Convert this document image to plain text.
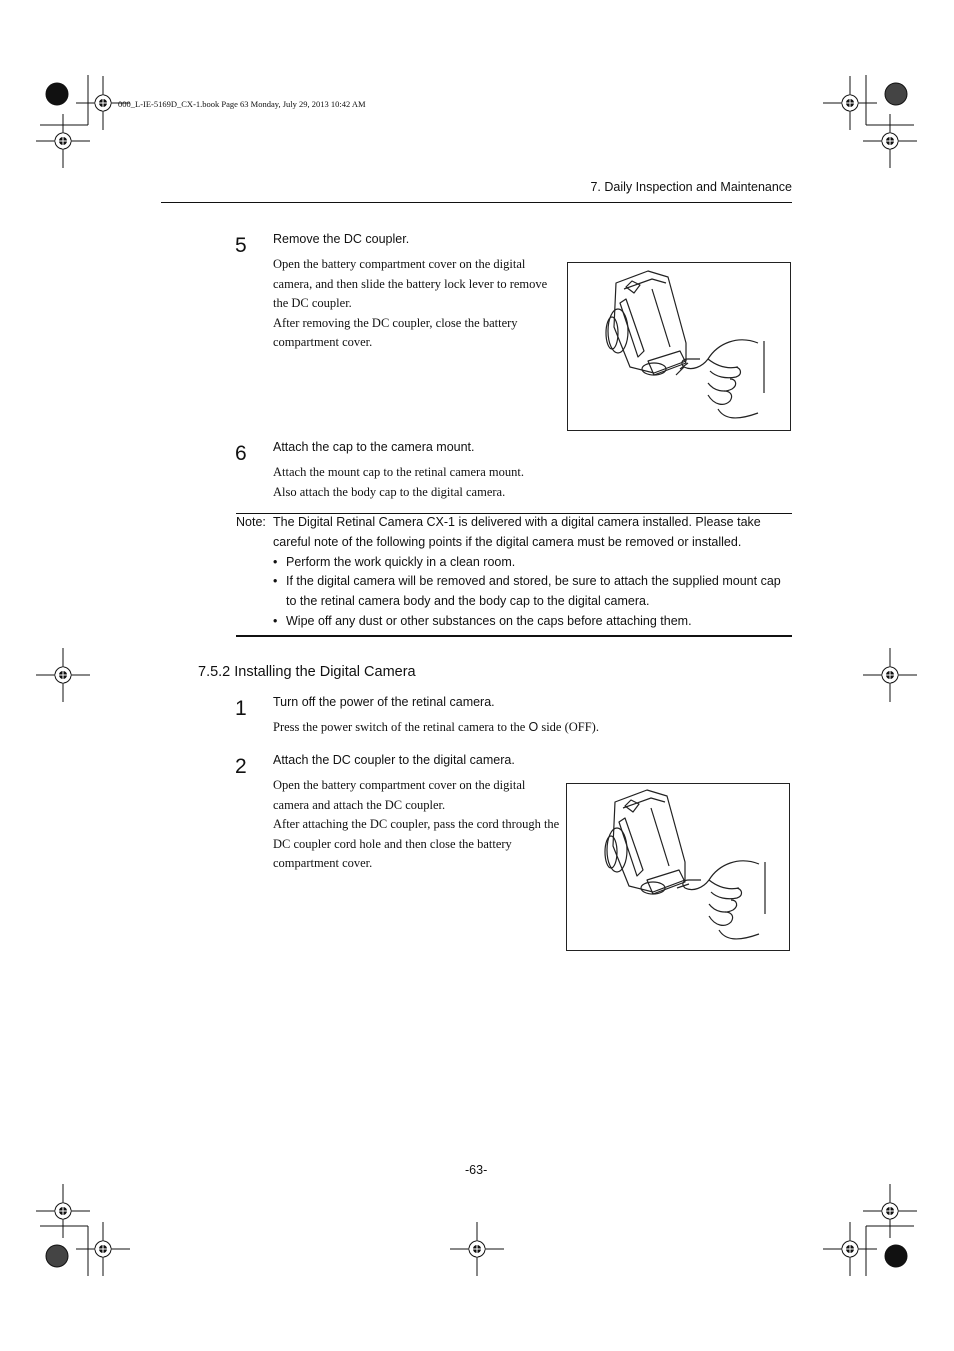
000_L-IE-5169D_CX-1.book Page 63 Monday, July 29, 2013 10:42 AM
7. Daily Inspection and Maintenance
5 Remove the DC coupler.

Open the battery compartment cover on the digital camera, and then slide the battery lock lever to remove the DC coupler.

After removing the DC coupler, close the battery compartment cover.

6 Attach the cap to the camera mount.

Attach the mount cap to the retinal camera mount.

Also attach the body cap to the digital camera.

Note: The Digital Retinal Camera CX-1 is delivered with a digital camera installed. Please take careful note of the following points if the digital camera must be removed or installed.

• Perform the work quickly in a clean room.

• If the digital camera will be removed and stored, be sure to attach the supplied mount cap to the retinal camera body and the body cap to the digital camera.

• Wipe off any dust or other substances on the caps before attaching them.

7.5.2 Installing the Digital Camera
1 Turn off the power of the retinal camera.

Press the power switch of the retinal camera to the O side (OFF).

2 Attach the DC coupler to the digital camera.

Open the battery compartment cover on the digital camera and attach the DC coupler.

After attaching the DC coupler, pass the cord through the DC coupler cord hole and then close the battery compartment cover.

-63-
